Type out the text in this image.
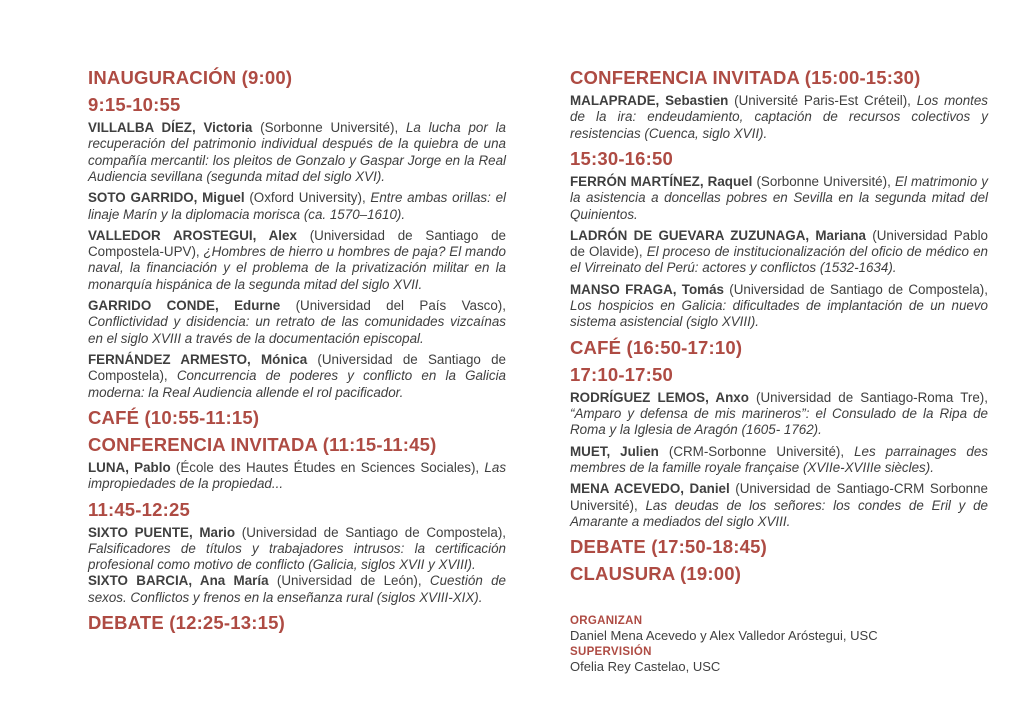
INAUGURACIÓN (9:00)
9:15-10:55

VILLALBA DÍEZ, Victoria (Sorbonne Université), La lucha por la recuperación del patrimonio individual después de la quiebra de una compañía mercantil: los pleitos de Gonzalo y Gaspar Jorge en la Real Audiencia sevillana (segunda mitad del siglo XVI).

SOTO GARRIDO, Miguel (Oxford University), Entre ambas orillas: el linaje Marín y la diplomacia morisca (ca. 1570–1610).

VALLEDOR AROSTEGUI, Alex (Universidad de Santiago de Compostela-UPV), ¿Hombres de hierro u hombres de paja? El mando naval, la financiación y el problema de la privatización militar en la monarquía hispánica de la segunda mitad del siglo XVII.

GARRIDO CONDE, Edurne (Universidad del País Vasco), Conflictividad y disidencia: un retrato de las comunidades vizcaínas en el siglo XVIII a través de la documentación episcopal.

FERNÁNDEZ ARMESTO, Mónica (Universidad de Santiago de Compostela), Concurrencia de poderes y conflicto en la Galicia moderna: la Real Audiencia allende el rol pacificador.

CAFÉ (10:55-11:15)
CONFERENCIA INVITADA (11:15-11:45)

LUNA, Pablo (École des Hautes Études en Sciences Sociales), Las impropiedades de la propiedad...

11:45-12:25

SIXTO PUENTE, Mario (Universidad de Santiago de Compostela), Falsificadores de títulos y trabajadores intrusos: la certificación profesional como motivo de conflicto (Galicia, siglos XVII y XVIII).

SIXTO BARCIA, Ana María (Universidad de León), Cuestión de sexos. Conflictos y frenos en la enseñanza rural (siglos XVIII-XIX).

DEBATE (12:25-13:15)
CONFERENCIA INVITADA (15:00-15:30)

MALAPRADE, Sebastien (Université Paris-Est Créteil), Los montes de la ira: endeudamiento, captación de recursos colectivos y resistencias (Cuenca, siglo XVII).

15:30-16:50

FERRÓN MARTÍNEZ, Raquel (Sorbonne Université), El matrimonio y la asistencia a doncellas pobres en Sevilla en la segunda mitad del Quinientos.

LADRÓN DE GUEVARA ZUZUNAGA, Mariana (Universidad Pablo de Olavide), El proceso de institucionalización del oficio de médico en el Virreinato del Perú: actores y conflictos (1532-1634).

MANSO FRAGA, Tomás (Universidad de Santiago de Compostela), Los hospicios en Galicia: dificultades de implantación de un nuevo sistema asistencial (siglo XVIII).

CAFÉ (16:50-17:10)
17:10-17:50

RODRÍGUEZ LEMOS, Anxo (Universidad de Santiago-Roma Tre), “Amparo y defensa de mis marineros”: el Consulado de la Ripa de Roma y la Iglesia de Aragón (1605- 1762).

MUET, Julien (CRM-Sorbonne Université), Les parrainages des membres de la famille royale française (XVIIe-XVIIIe siècles).

MENA ACEVEDO, Daniel (Universidad de Santiago-CRM Sorbonne Université), Las deudas de los señores: los condes de Eril y de Amarante a mediados del siglo XVIII.

DEBATE (17:50-18:45)
CLAUSURA (19:00)
ORGANIZAN
Daniel Mena Acevedo y Alex Valledor Aróstegui, USC
SUPERVISIÓN
Ofelia Rey Castelao, USC
